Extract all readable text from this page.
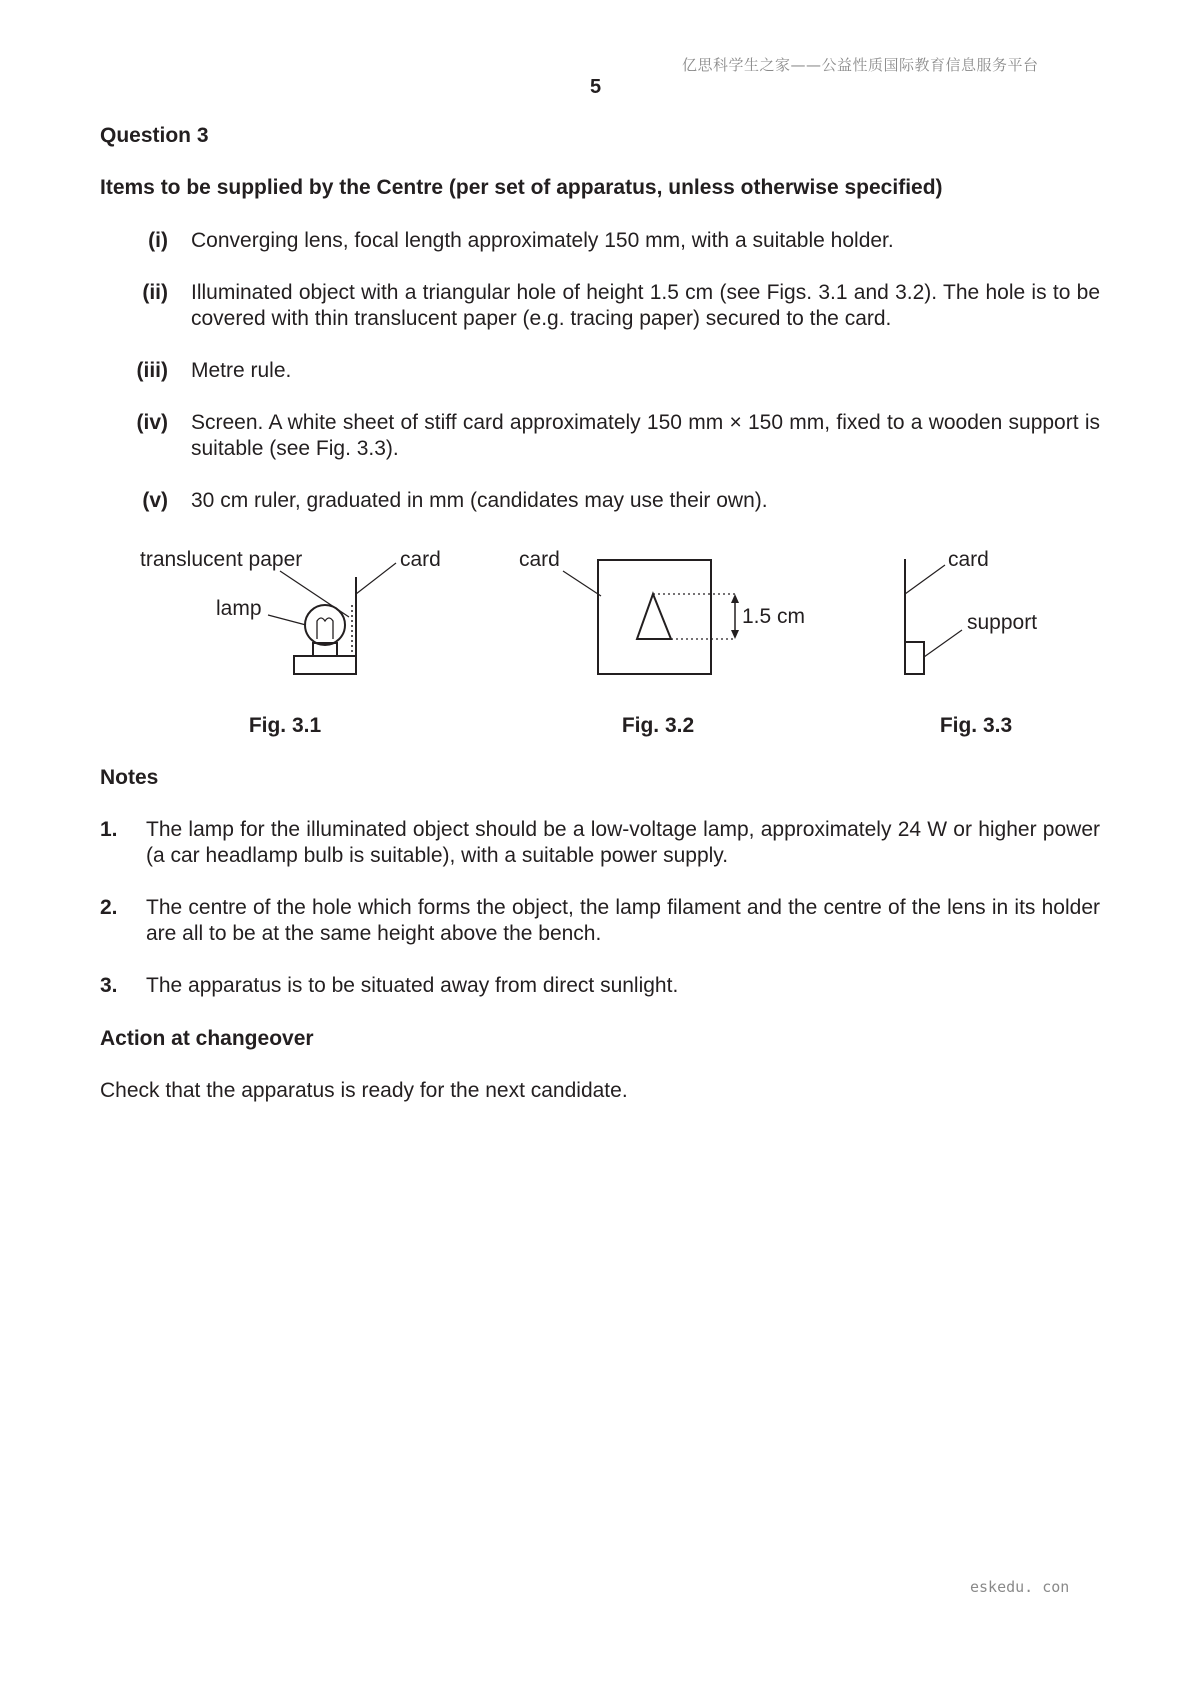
亿思科学生之家——公益性质国际教育信息服务平台
5
Question 3
Items to be supplied by the Centre (per set of apparatus, unless otherwise specified)
(i) Converging lens, focal length approximately 150 mm, with a suitable holder.
(ii) Illuminated object with a triangular hole of height 1.5 cm (see Figs. 3.1 and 3.2). The hole is to be covered with thin translucent paper (e.g. tracing paper) secured to the card.
(iii) Metre rule.
(iv) Screen. A white sheet of stiff card approximately 150 mm × 150 mm, fixed to a wooden support is suitable (see Fig. 3.3).
(v) 30 cm ruler, graduated in mm (candidates may use their own).
translucent paper	card
lamp
Fig. 3.1
card
1.5 cm
Fig. 3.2
card
support
Fig. 3.3
Notes
1. The lamp for the illuminated object should be a low-voltage lamp, approximately 24 W or higher power (a car headlamp bulb is suitable), with a suitable power supply.
2. The centre of the hole which forms the object, the lamp filament and the centre of the lens in its holder are all to be at the same height above the bench.
3. The apparatus is to be situated away from direct sunlight.
Action at changeover
Check that the apparatus is ready for the next candidate.
eskedu. con
